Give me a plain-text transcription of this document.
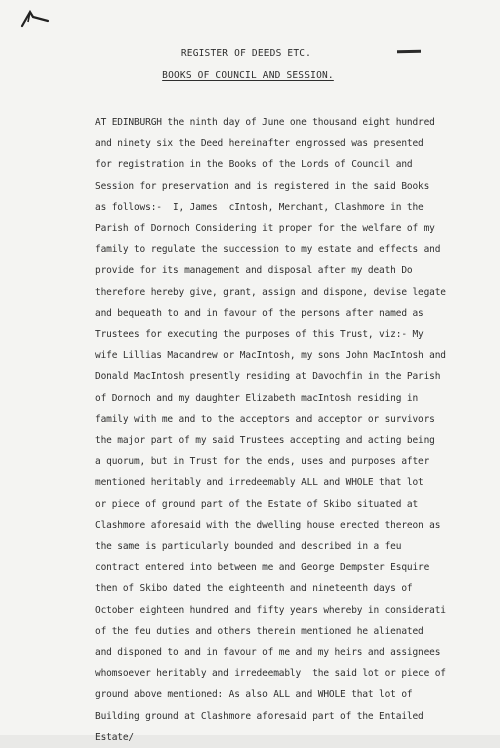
REGISTER OF DEEDS ETC.
BOOKS OF COUNCIL AND SESSION.
AT EDINBURGH the ninth day of June one thousand eight hundred
and ninety six the Deed hereinafter engrossed was presented
for registration in the Books of the Lords of Council and
Session for preservation and is registered in the said Books
as follows:-  I, James  cIntosh, Merchant, Clashmore in the
Parish of Dornoch Considering it proper for the welfare of my
family to regulate the succession to my estate and effects and
provide for its management and disposal after my death Do
therefore hereby give, grant, assign and dispone, devise legate
and bequeath to and in favour of the persons after named as
Trustees for executing the purposes of this Trust, viz:- My
wife Lillias Macandrew or MacIntosh, my sons John MacIntosh and
Donald MacIntosh presently residing at Davochfin in the Parish
of Dornoch and my daughter Elizabeth macIntosh residing in
family with me and to the acceptors and acceptor or survivors
the major part of my said Trustees accepting and acting being
a quorum, but in Trust for the ends, uses and purposes after
mentioned heritably and irredeemably ALL and WHOLE that lot
or piece of ground part of the Estate of Skibo situated at
Clashmore aforesaid with the dwelling house erected thereon as
the same is particularly bounded and described in a feu
contract entered into between me and George Dempster Esquire
then of Skibo dated the eighteenth and nineteenth days of
October eighteen hundred and fifty years whereby in considerati
of the feu duties and others therein mentioned he alienated
and disponed to and in favour of me and my heirs and assignees
whomsoever heritably and irredeemably  the said lot or piece of
ground above mentioned: As also ALL and WHOLE that lot of
Building ground at Clashmore aforesaid part of the Entailed
Estate/
